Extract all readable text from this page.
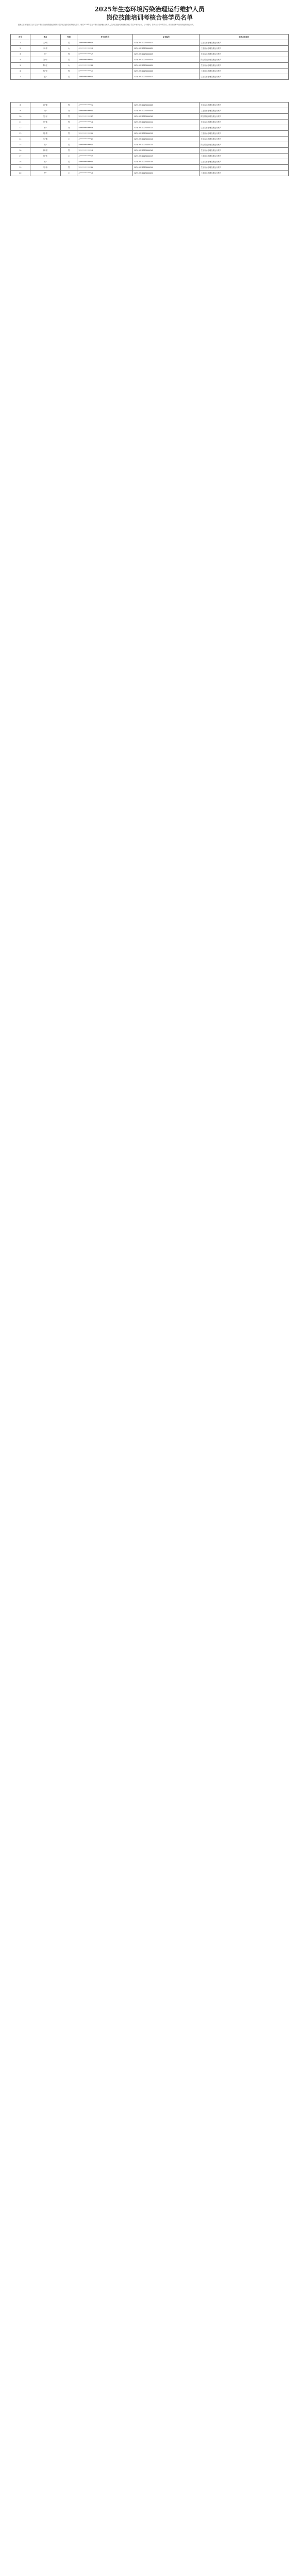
2025年生态环境污染治理运行维护人员
岗位技能培训考核合格学员名单

按照生态环境部门关于生态环境污染治理设施运营维护人员岗位技能培训的相关要求，现将2025年生态环境污染治理运行维护人员岗位技能培训考核合格学员名单予以公示。公示期内，如对公示名单有异议，请以书面形式向培训组织单位反映。

序号	姓名	性别	身份证号码	证书编号	培训合格项目
1	王*明	男	3*************5X	GZHJ-YW-2025000001	生活污水处理设施运行维护
2	李*华	女	4*************23	GZHJ-YW-2025000002	工业废水处理设施运行维护
3	张*	男	5*************17	GZHJ-YW-2025000003	生活污水处理设施运行维护
4	刘*平	男	3*************31	GZHJ-YW-2025000004	除尘脱硫脱硝设施运行维护
5	陈*红	女	4*************46	GZHJ-YW-2025000005	生活污水处理设施运行维护
6	杨*军	男	5*************12	GZHJ-YW-2025000006	工业废水处理设施运行维护
7	赵*	男	3*************58	GZHJ-YW-2025000007	生活污水处理设施运行维护
8	黄*强	男	4*************21	GZHJ-YW-2025000008	生活污水处理设施运行维护
9	周*	女	5*************34	GZHJ-YW-2025000009	工业废水处理设施运行维护
10	吴*东	男	3*************47	GZHJ-YW-2025000010	除尘脱硫脱硝设施运行维护
11	徐*林	男	4*************16	GZHJ-YW-2025000011	生活污水处理设施运行维护
12	孙*	女	5*************29	GZHJ-YW-2025000012	生活污水处理设施运行维护
13	胡*勇	男	3*************3X	GZHJ-YW-2025000013	工业废水处理设施运行维护
14	朱*霞	女	4*************42	GZHJ-YW-2025000014	生活污水处理设施运行维护
15	高*	男	5*************55	GZHJ-YW-2025000015	除尘脱硫脱硝设施运行维护
16	林*国	男	3*************18	GZHJ-YW-2025000016	生活污水处理设施运行维护
17	何*芳	女	4*************27	GZHJ-YW-2025000017	工业废水处理设施运行维护
18	郭*	男	5*************36	GZHJ-YW-2025000018	生活污水处理设施运行维护
19	马*涛	男	3*************49	GZHJ-YW-2025000019	生活污水处理设施运行维护
20	罗*	女	4*************13	GZHJ-YW-2025000020	工业废水处理设施运行维护
